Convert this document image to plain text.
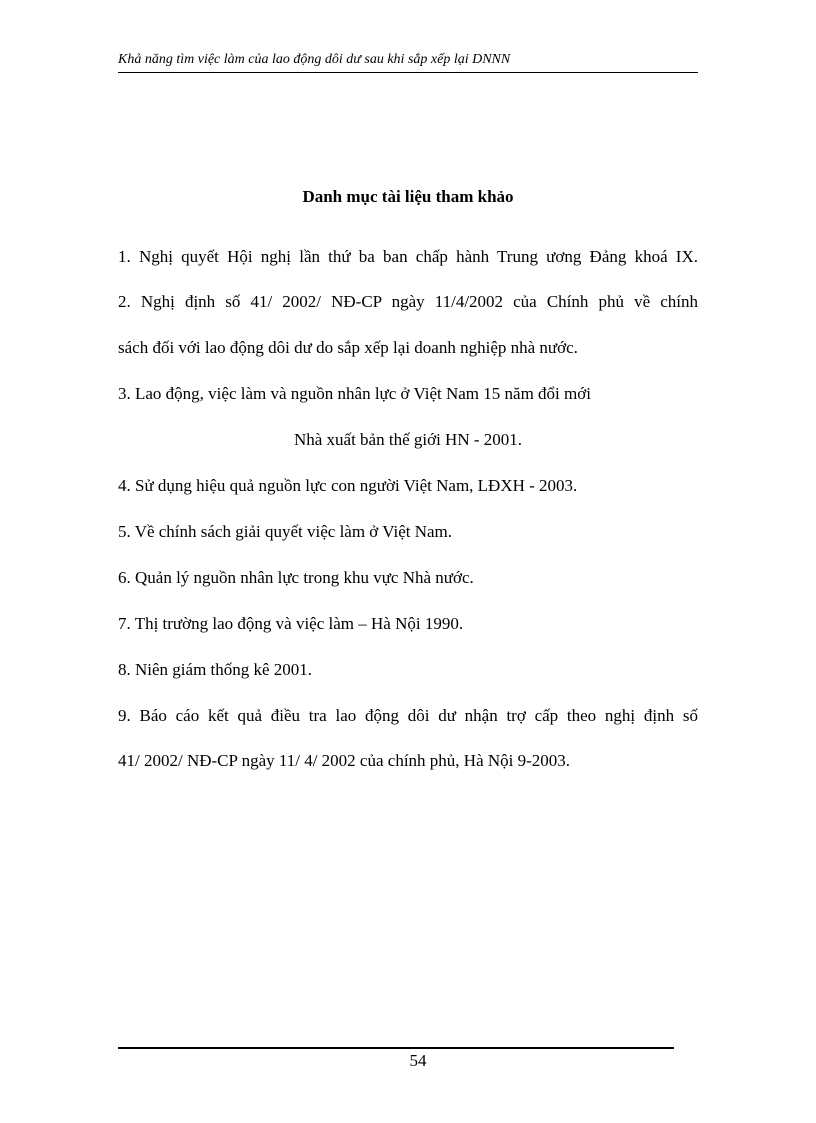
Khả năng tìm việc làm của lao động dôi dư sau khi sắp xếp lại DNNN
Danh mục tài liệu tham khảo
1. Nghị quyết Hội nghị lần thứ ba ban chấp hành Trung ương Đảng khoá IX.
2. Nghị định số 41/ 2002/ NĐ-CP ngày 11/4/2002 của Chính phủ về chính
sách đối với lao động dôi dư do sắp xếp lại doanh nghiệp nhà nước.
3. Lao động, việc làm và nguồn nhân lực ở Việt Nam 15 năm đổi mới
Nhà xuất bản thế giới HN - 2001.
4. Sử dụng hiệu quả nguồn lực con người Việt Nam, LĐXH - 2003.
5. Về chính sách giải quyết việc làm ở Việt Nam.
6. Quản lý nguồn nhân lực trong khu vực Nhà nước.
7. Thị trường lao động và việc làm – Hà Nội 1990.
8. Niên giám thống kê 2001.
9. Báo cáo kết quả điều tra lao động dôi dư nhận trợ cấp theo nghị định số
41/ 2002/ NĐ-CP ngày 11/ 4/ 2002 của chính phủ, Hà Nội 9-2003.
54
